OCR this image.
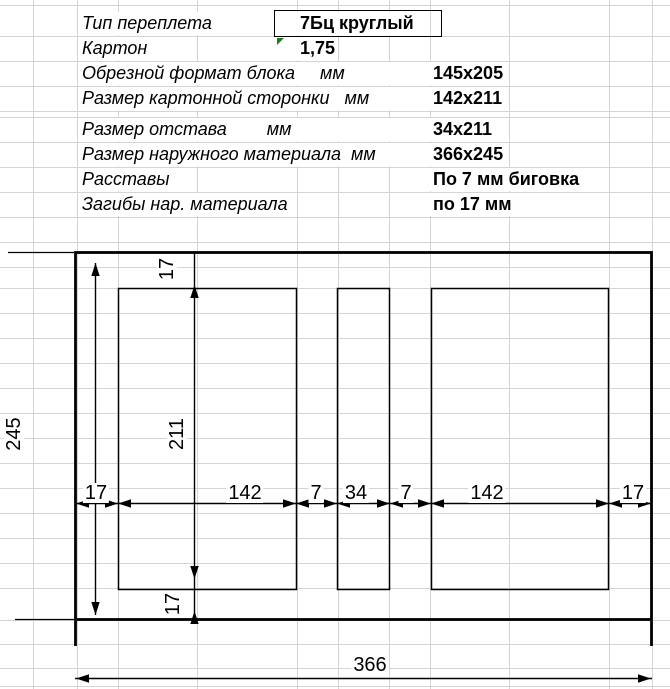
Тип переплета	7Бц круглый
Картон	1,75
Обрезной формат блока     мм	145x205
Размер картонной сторонки   мм	142x211
Размер отстава        мм	34x211
Размер наружного материала  мм	366x245
Расставы	По 7 мм биговка
Загибы нар. материала	по 17 мм
17	142 7 34 7	142	17
366
245	211
17
17
